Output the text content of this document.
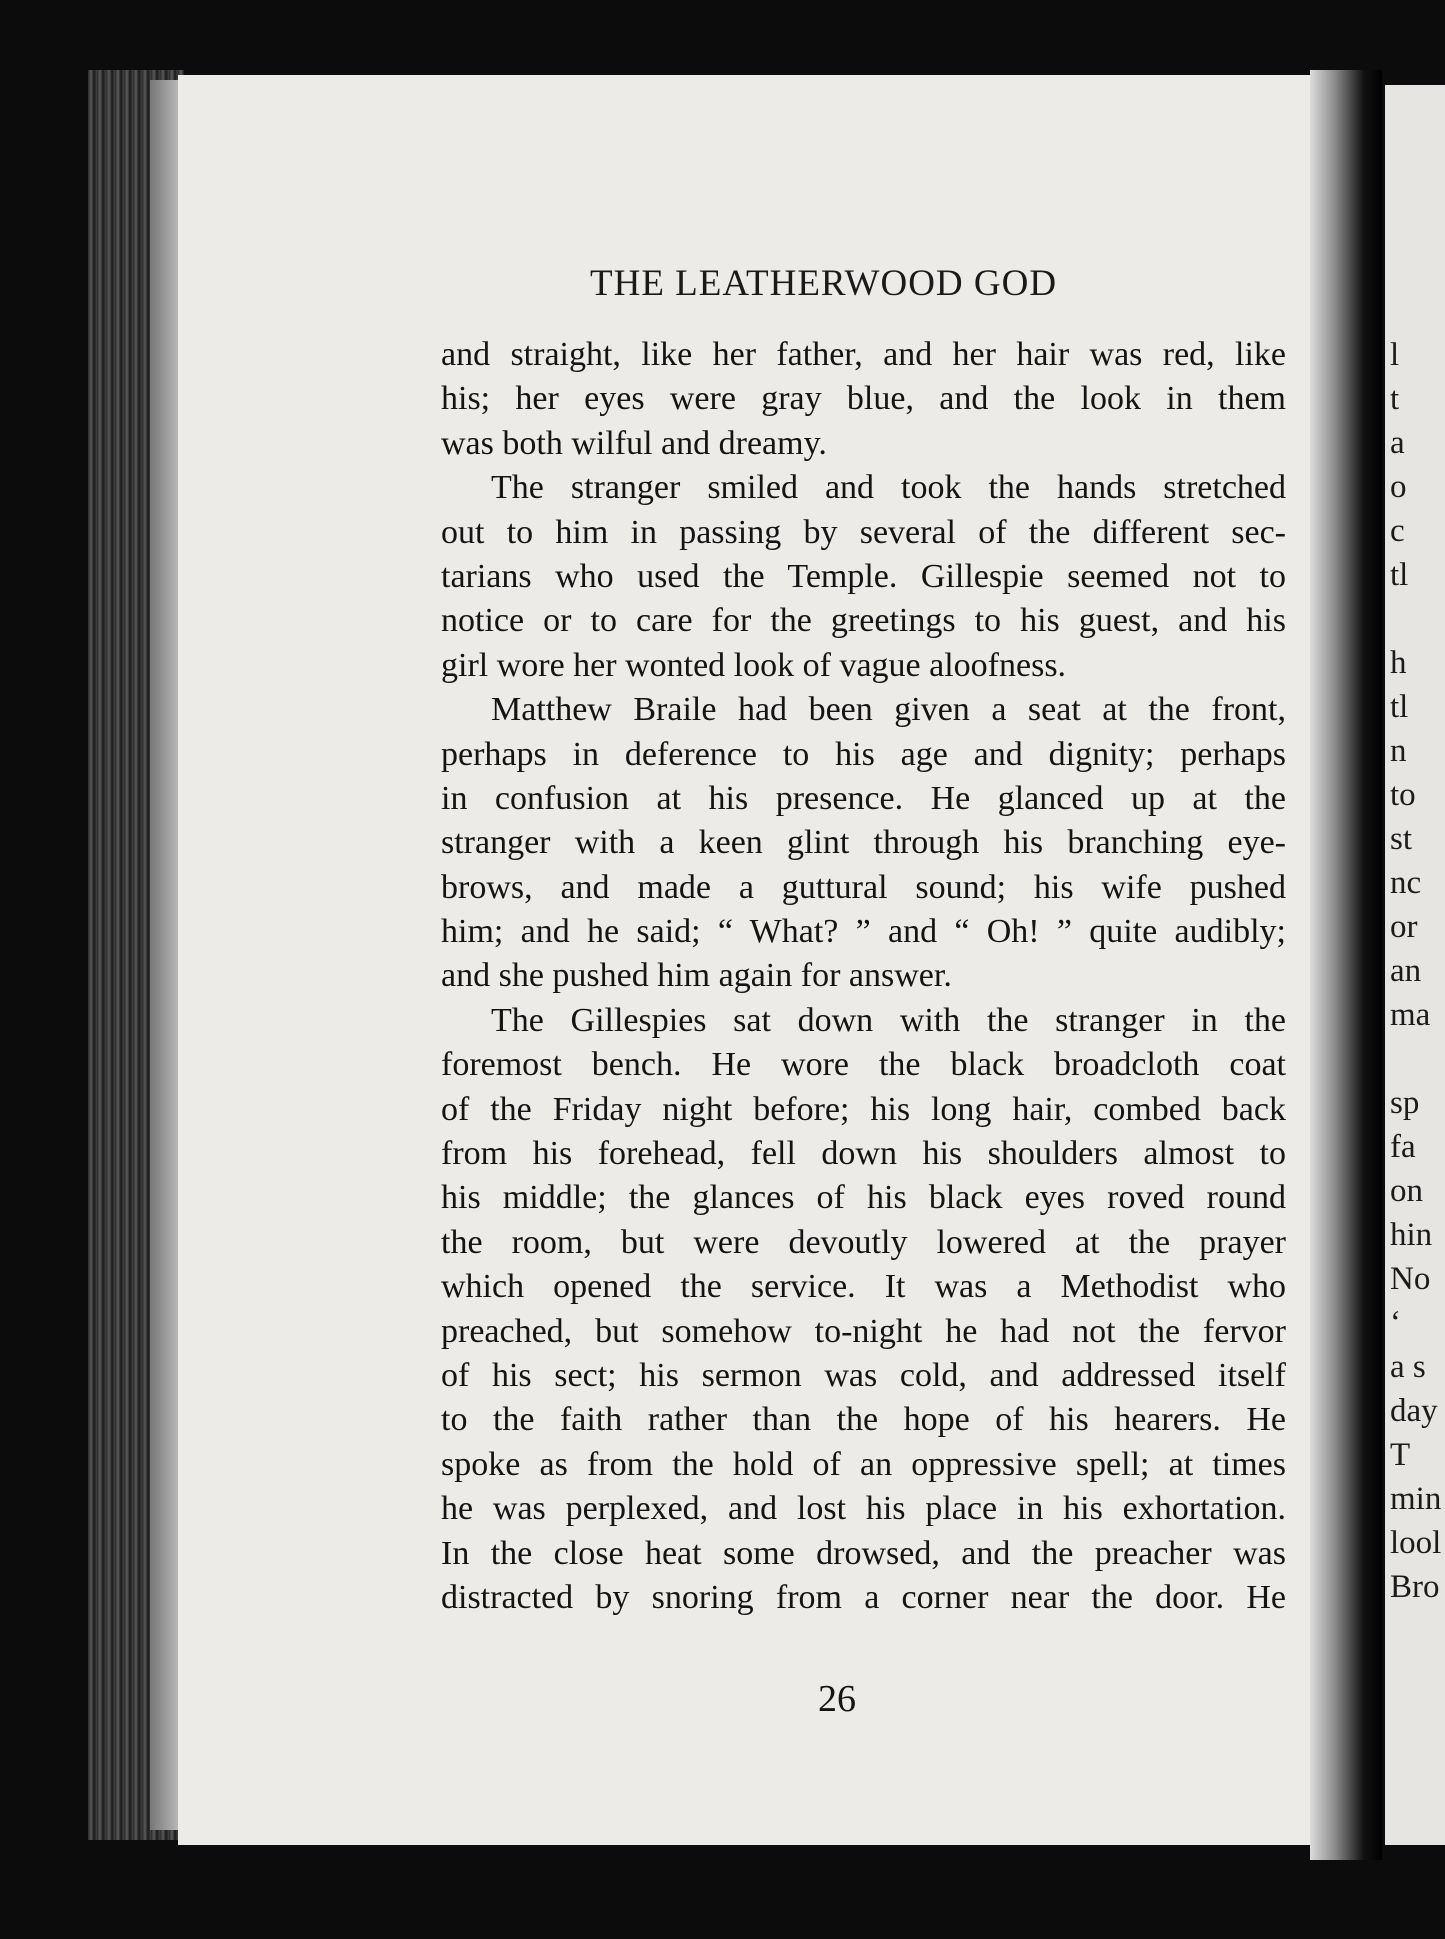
l
t
a
o
c
tl
h
tl
n
to
st
nc
or
an
ma
sp
fa
on
hin
No
‘
a s
day
T
min
lool
Bro
THE LEATHERWOOD GOD
and straight, like her father, and her hair was red, like
his; her eyes were gray blue, and the look in them
was both wilful and dreamy.
The stranger smiled and took the hands stretched
out to him in passing by several of the different sec-
tarians who used the Temple. Gillespie seemed not to
notice or to care for the greetings to his guest, and his
girl wore her wonted look of vague aloofness.
Matthew Braile had been given a seat at the front,
perhaps in deference to his age and dignity; perhaps
in confusion at his presence. He glanced up at the
stranger with a keen glint through his branching eye-
brows, and made a guttural sound; his wife pushed
him; and he said; “ What? ” and “ Oh! ” quite audibly;
and she pushed him again for answer.
The Gillespies sat down with the stranger in the
foremost bench. He wore the black broadcloth coat
of the Friday night before; his long hair, combed back
from his forehead, fell down his shoulders almost to
his middle; the glances of his black eyes roved round
the room, but were devoutly lowered at the prayer
which opened the service. It was a Methodist who
preached, but somehow to-night he had not the fervor
of his sect; his sermon was cold, and addressed itself
to the faith rather than the hope of his hearers. He
spoke as from the hold of an oppressive spell; at times
he was perplexed, and lost his place in his exhortation.
In the close heat some drowsed, and the preacher was
distracted by snoring from a corner near the door. He
26
